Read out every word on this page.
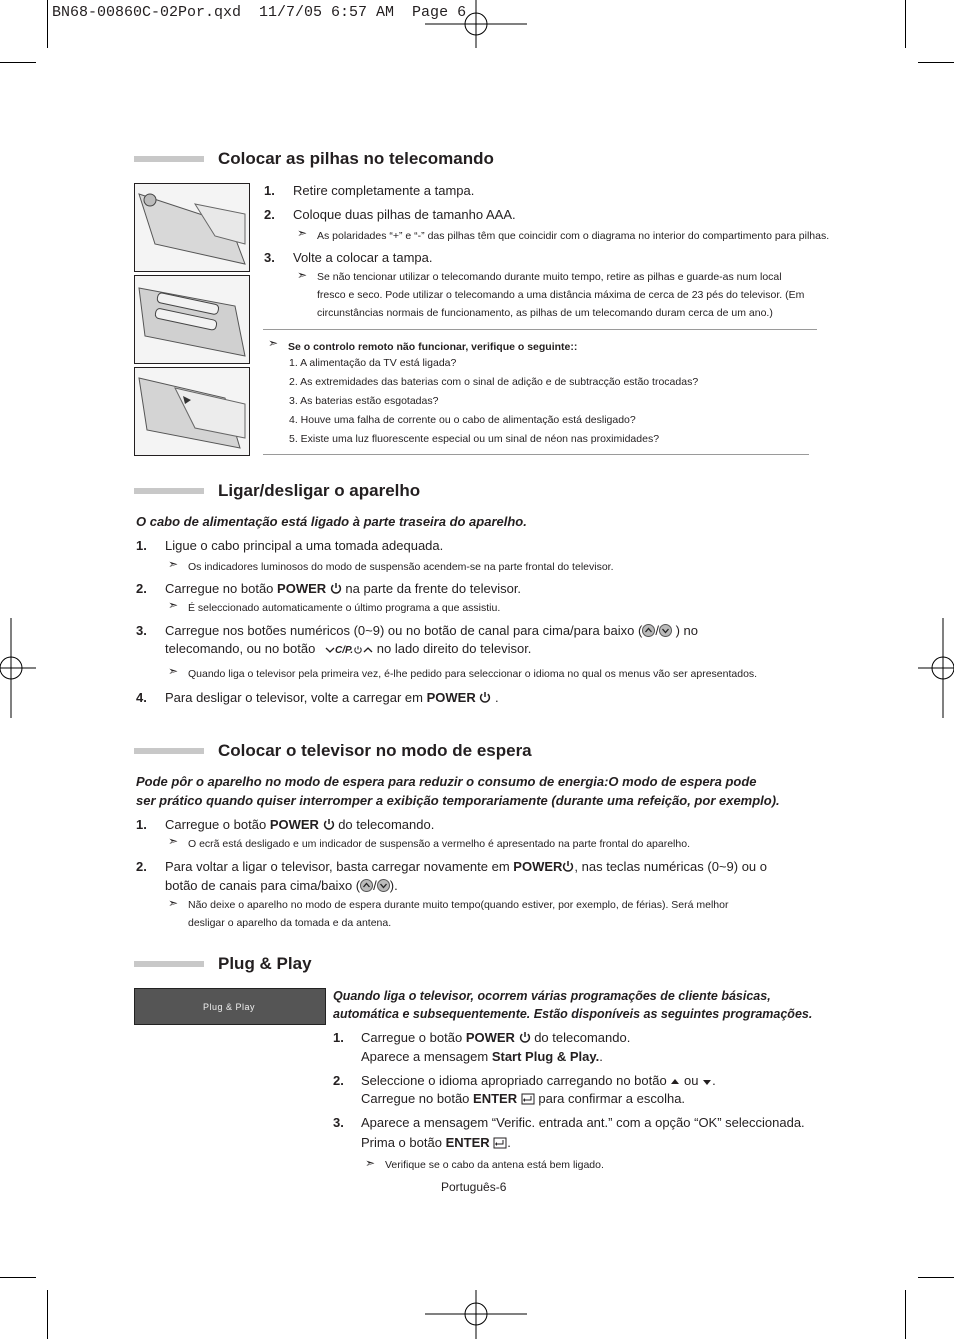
BN68-00860C-02Por.qxd  11/7/05 6:57 AM  Page 6
Colocar as pilhas no telecomando
1. Retire completamente a tampa.
2. Coloque duas pilhas de tamanho AAA.
➣ As polaridades “+” e “-” das pilhas têm que coincidir com o diagrama no interior do compartimento para pilhas.
3. Volte a colocar a tampa.
➣ Se não tencionar utilizar o telecomando durante muito tempo, retire as pilhas e guarde-as num local
fresco e seco. Pode utilizar o telecomando a uma distância máxima de cerca de 23 pés do televisor. (Em
circunstâncias normais de funcionamento, as pilhas de um telecomando duram cerca de um ano.)
➣ Se o controlo remoto não funcionar, verifique o seguinte::
1. A alimentação da TV está ligada?
2. As extremidades das baterias com o sinal de adição e de subtracção estão trocadas?
3. As baterias estão esgotadas?
4. Houve uma falha de corrente ou o cabo de alimentação está desligado?
5. Existe uma luz fluorescente especial ou um sinal de néon nas proximidades?
Ligar/desligar o aparelho
O cabo de alimentação está ligado à parte traseira do aparelho.
1. Ligue o cabo principal a uma tomada adequada.
➣ Os indicadores luminosos do modo de suspensão acendem-se na parte frontal do televisor.
2. Carregue no botão POWER na parte da frente do televisor.
➣ É seleccionado automaticamente o último programa a que assistiu.
3. Carregue nos botões numéricos (0~9) ou no botão de canal para cima/para baixo ( / ) no
telecomando, ou no botão C/P. no lado direito do televisor.
➣ Quando liga o televisor pela primeira vez, é-lhe pedido para seleccionar o idioma no qual os menus vão ser apresentados.
4. Para desligar o televisor, volte a carregar em POWER .
Colocar o televisor no modo de espera
Pode pôr o aparelho no modo de espera para reduzir o consumo de energia:O modo de espera pode
ser prático quando quiser interromper a exibição temporariamente (durante uma refeição, por exemplo).
1. Carregue o botão POWER do telecomando.
➣ O ecrã está desligado e um indicador de suspensão a vermelho é apresentado na parte frontal do aparelho.
2. Para voltar a ligar o televisor, basta carregar novamente em POWER , nas teclas numéricas (0~9) ou o
botão de canais para cima/baixo ( / ).
➣ Não deixe o aparelho no modo de espera durante muito tempo(quando estiver, por exemplo, de férias). Será melhor
desligar o aparelho da tomada e da antena.
Plug & Play
Plug & Play
Quando liga o televisor, ocorrem várias programações de cliente básicas,
automática e subsequentemente. Estão disponíveis as seguintes programações.
1. Carregue o botão POWER do telecomando.
Aparece a mensagem Start Plug & Play..
2. Seleccione o idioma apropriado carregando no botão ou .
Carregue no botão ENTER para confirmar a escolha.
3. Aparece a mensagem “Verific. entrada ant.” com a opção “OK” seleccionada.
Prima o botão ENTER .
➣ Verifique se o cabo da antena está bem ligado.
Português-6
